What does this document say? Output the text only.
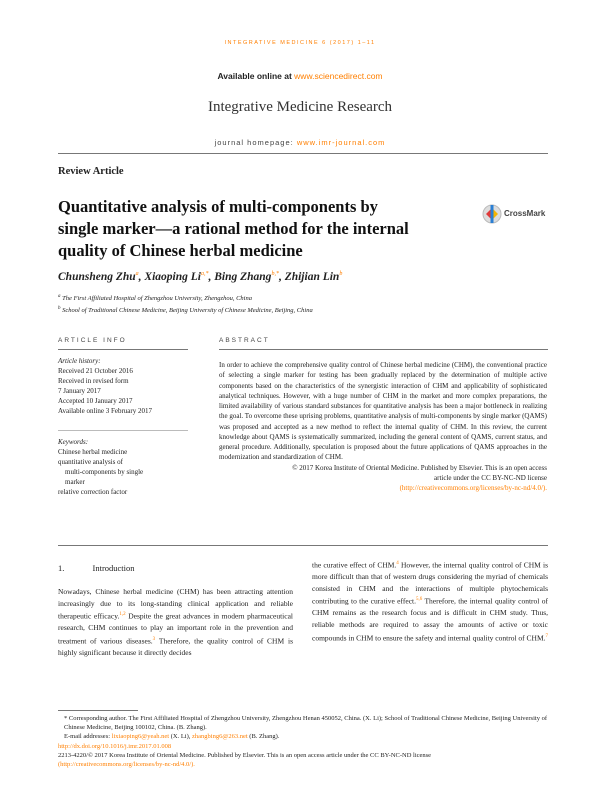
INTEGRATIVE MEDICINE 6 (2017) 1–11
Available online at www.sciencedirect.com
Integrative Medicine Research
journal homepage: www.imr-journal.com
Review Article
Quantitative analysis of multi-components by
single marker—a rational method for the internal
quality of Chinese herbal medicine
CrossMark
Chunsheng Zhu$^a$, Xiaoping $Li^{a,*}$, Bing Zhang$^{b,*}$, Zhijian Lin$^b$
$^a$ The First Affiliated Hospital of Zhengzhou University, Zhengzhou, China
$^b$ School of Traditional Chinese Medicine, Beijing University of Chinese Medicine, Beijing, China
ARTICLE INFO	ABSTRACT
Article history:
Received 21 October 2016
Received in revised form
7 January 2017
Accepted 10 January 2017
Available online 3 February 2017
Keywords:
Chinese herbal medicine
quantitative analysis of
multi-components by single
marker
relative correction factor
In order to achieve the comprehensive quality control of Chinese herbal medicine (CHM), the conventional practice of selecting a single marker for testing has been gradually replaced by the determination of multiple active components based on the characteristics of the synergistic interaction of CHM and applicability of sophisticated analytical techniques. However, with a huge number of CHM in the market and more complex preparations, the limited availability of various standard substances for quantitative analysis has been a major bottleneck in realizing the goal. To overcome these uprising problems, quantitative analysis of multi-components by single marker (QAMS) was proposed and accepted as a new method to reflect the internal quality of CHM. In this review, the current knowledge about QAMS is systematically summarized, including the general content of QAMS, current status, and general procedure. Additionally, speculation is proposed about the future applications of QAMS approaches in the modernization and standardization of CHM.
© 2017 Korea Institute of Oriental Medicine. Published by Elsevier. This is an open access
article under the CC BY-NC-ND license
(http://creativecommons.org/licenses/by-nc-nd/4.0/).
1.	Introduction
Nowadays, Chinese herbal medicine (CHM) has been attracting attention increasingly due to its long-standing clinical application and reliable therapeutic efficacy.$^{1,2}$ Despite the great advances in modern pharmaceutical research, CHM continues to play an important role in the prevention and treatment of various diseases.$^3$ Therefore, the quality control of CHM is highly significant because it directly decides
the curative effect of CHM.$^4$ However, the internal quality control of CHM is more difficult than that of western drugs considering the myriad of chemicals consisted in CHM and the interactions of multiple phytochemicals contributing to the curative effect.$^{5,6}$ Therefore, the internal quality control of CHM remains as the research focus and is difficult in CHM study. Thus, reliable methods are required to assay the amounts of active or toxic compounds in CHM to ensure the safety and internal quality control of CHM.$^7$
* Corresponding author. The First Affiliated Hospital of Zhengzhou University, Zhengzhou Henan 450052, China. (X. Li); School of Traditional Chinese Medicine, Beijing University of Chinese Medicine, Beijing 100102, China. (B. Zhang).
E-mail addresses: lixiaoping6@yeah.net (X. Li), zhangbing6@263.net (B. Zhang).
http://dx.doi.org/10.1016/j.imr.2017.01.008
2213-4220/© 2017 Korea Institute of Oriental Medicine. Published by Elsevier. This is an open access article under the CC BY-NC-ND license
(http://creativecommons.org/licenses/by-nc-nd/4.0/).
